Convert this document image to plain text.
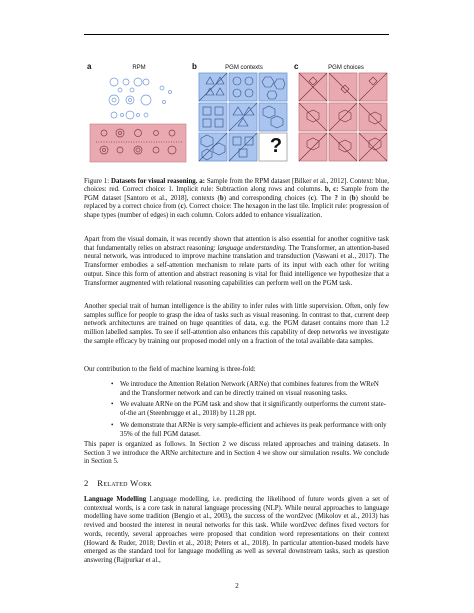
a	RPM	b	PGM contexts	c	PGM choices
?
Figure 1: Datasets for visual reasoning. a: Sample from the RPM dataset [Bilker et al., 2012]. Context: blue, choices: red. Correct choice: 1. Implicit rule: Subtraction along rows and columns. b, c: Sample from the PGM dataset [Santoro et al., 2018], contexts (b) and corresponding choices (c). The ? in (b) should be replaced by a correct choice from (c). Correct choice: The hexagon in the last tile. Implicit rule: progression of shape types (number of edges) in each column. Colors added to enhance visualization.

Apart from the visual domain, it was recently shown that attention is also essential for another cognitive task that fundamentally relies on abstract reasoning: language understanding. The Transformer, an attention-based neural network, was introduced to improve machine translation and transduction (Vaswani et al., 2017). The Transformer embodies a self-attention mechanism to relate parts of its input with each other for writing output. Since this form of attention and abstract reasoning is vital for fluid intelligence we hypothesize that a Transformer augmented with relational reasoning capabilities can perform well on the PGM task.

Another special trait of human intelligence is the ability to infer rules with little supervision. Often, only few samples suffice for people to grasp the idea of tasks such as visual reasoning. In contrast to that, current deep network architectures are trained on huge quantities of data, e.g. the PGM dataset contains more than 1.2 million labelled samples. To see if self-attention also enhances this capability of deep networks we investigate the sample efficacy by training our proposed model only on a fraction of the total available data samples.

Our contribution to the field of machine learning is three-fold:

• We introduce the Attention Relation Network (ARNe) that combines features from the WReN and the Transformer network and can be directly trained on visual reasoning tasks.
• We evaluate ARNe on the PGM task and show that it significantly outperforms the current state-of-the art (Steenbrugge et al., 2018) by 11.28 ppt.
• We demonstrate that ARNe is very sample-efficient and achieves its peak performance with only 35% of the full PGM dataset.

This paper is organized as follows. In Section 2 we discuss related approaches and training datasets. In Section 3 we introduce the ARNe architecture and in Section 4 we show our simulation results. We conclude in Section 5.

2 Related Work

Language Modelling Language modelling, i.e. predicting the likelihood of future words given a set of contextual words, is a core task in natural language processing (NLP). While neural approaches to language modelling have some tradition (Bengio et al., 2003), the success of the word2vec (Mikolov et al., 2013) has revived and boosted the interest in neural networks for this task. While word2vec defines fixed vectors for words, recently, several approaches were proposed that condition word representations on their context (Howard & Ruder, 2018; Devlin et al., 2018; Peters et al., 2018). In particular attention-based models have emerged as the standard tool for language modelling as well as several downstream tasks, such as question answering (Rajpurkar et al.,

2
